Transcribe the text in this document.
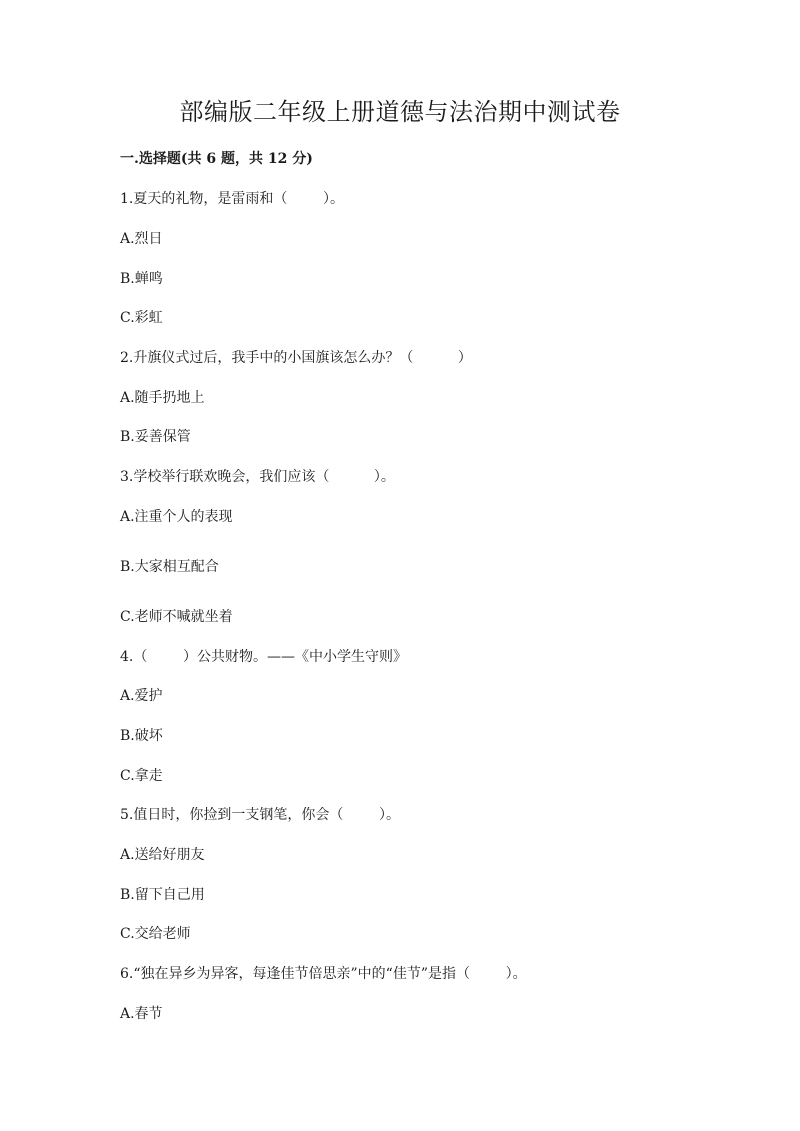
部编版二年级上册道德与法治期中测试卷
一.选择题(共 6 题，共 12 分)
1.夏天的礼物，是雷雨和（        ）。
A.烈日
B.蝉鸣
C.彩虹
2.升旗仪式过后，我手中的小国旗该怎么办？（          ）
A.随手扔地上
B.妥善保管
3.学校举行联欢晚会，我们应该（          ）。
A.注重个人的表现
B.大家相互配合
C.老师不喊就坐着
4.（        ）公共财物。——《中小学生守则》
A.爱护
B.破坏
C.拿走
5.值日时，你捡到一支钢笔，你会（        ）。
A.送给好朋友
B.留下自己用
C.交给老师
6.“独在异乡为异客，每逢佳节倍思亲”中的“佳节”是指（        ）。
A.春节
